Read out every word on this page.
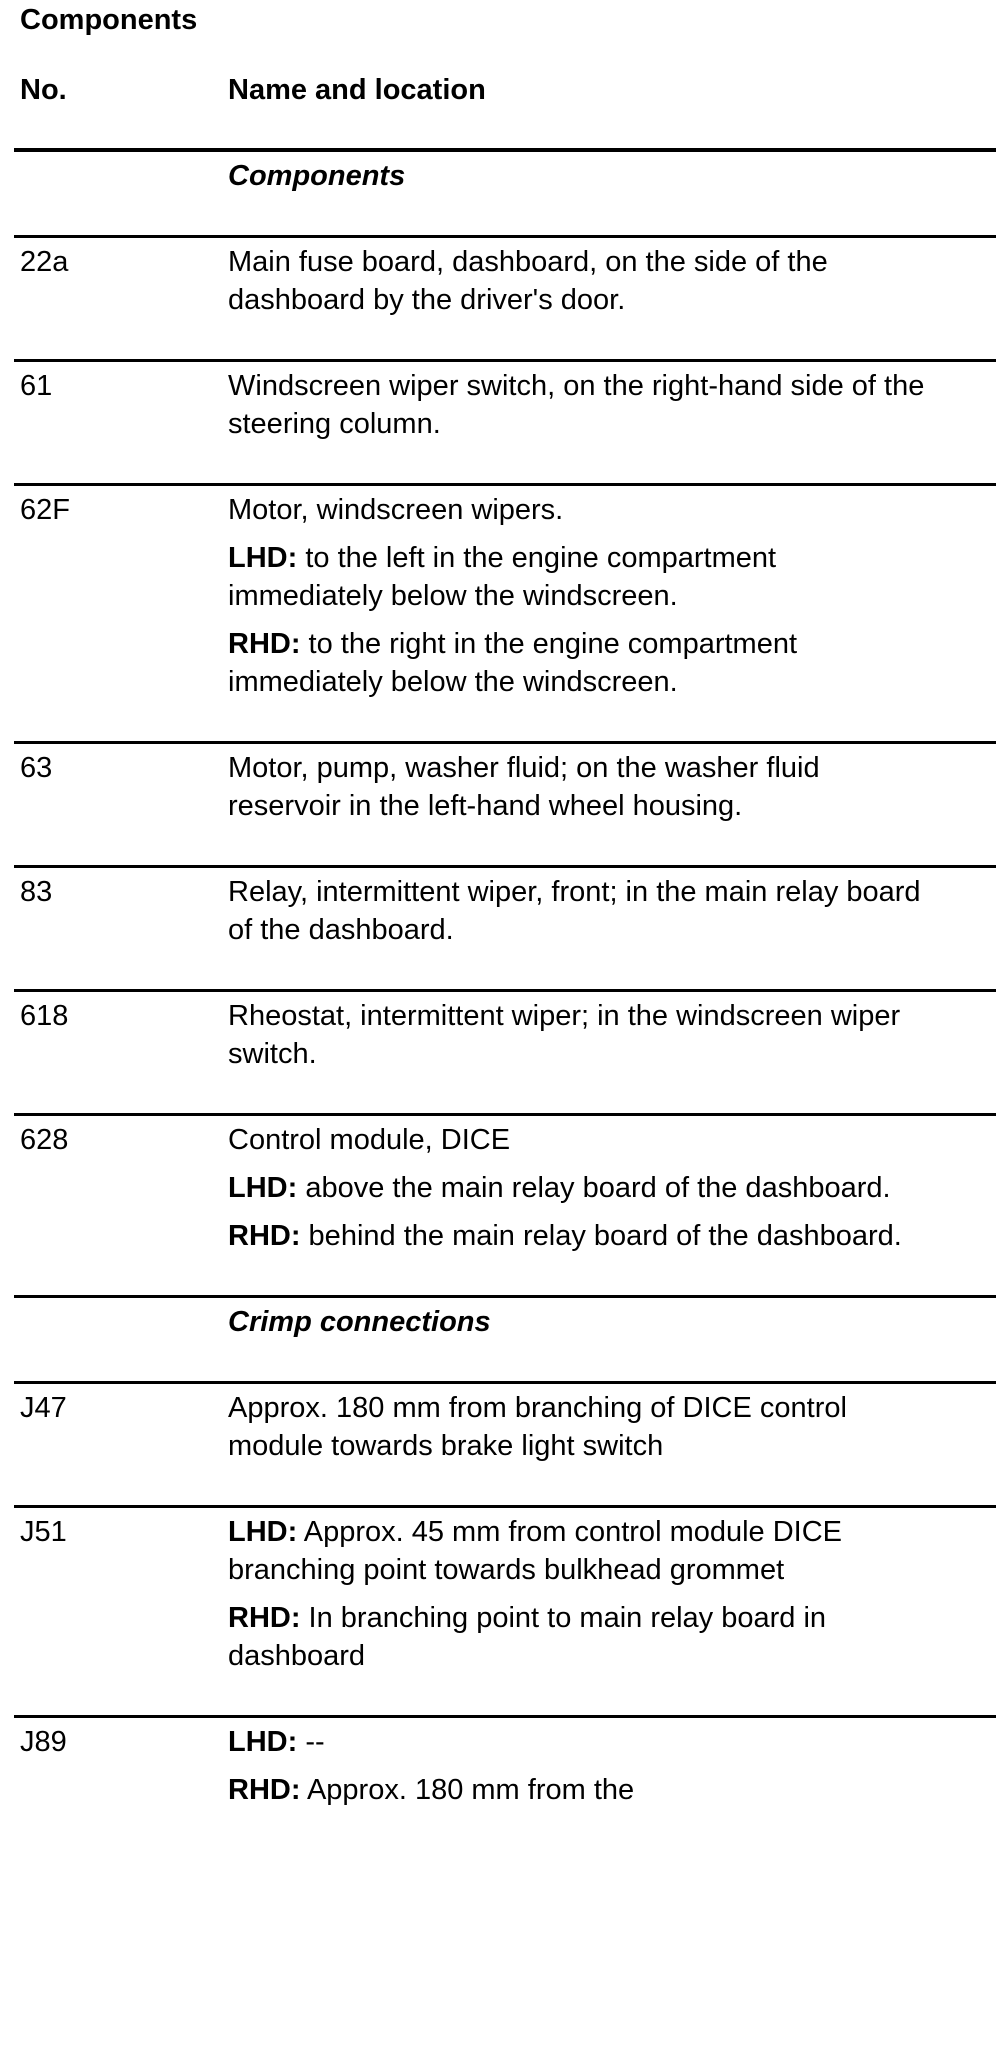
Components
No.	Name and location
Components
22a	Main fuse board, dashboard, on the side of the dashboard by the driver's door.
61	Windscreen wiper switch, on the right-hand side of the steering column.
62F	Motor, windscreen wipers.
LHD: to the left in the engine compartment immediately below the windscreen.
RHD: to the right in the engine compartment immediately below the windscreen.
63	Motor, pump, washer fluid; on the washer fluid reservoir in the left-hand wheel housing.
83	Relay, intermittent wiper, front; in the main relay board of the dashboard.
618	Rheostat, intermittent wiper; in the windscreen wiper switch.
628	Control module, DICE
LHD: above the main relay board of the dashboard.
RHD: behind the main relay board of the dashboard.
Crimp connections
J47	Approx. 180 mm from branching of DICE control module towards brake light switch
J51	LHD: Approx. 45 mm from control module DICE branching point towards bulkhead grommet
RHD: In branching point to main relay board in dashboard
J89	LHD: --
RHD: Approx. 180 mm from the
